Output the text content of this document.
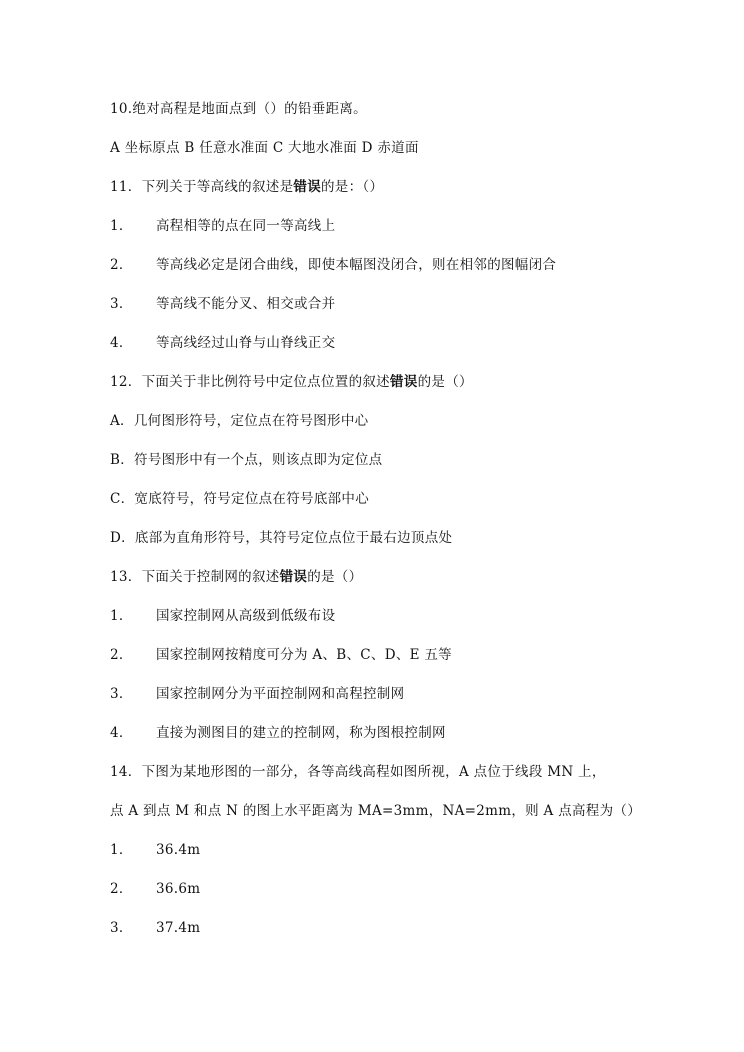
10.绝对高程是地面点到（）的铅垂距离。
A 坐标原点 B 任意水准面 C 大地水准面 D 赤道面
11．下列关于等高线的叙述是错误的是：（）
1． 高程相等的点在同一等高线上
2． 等高线必定是闭合曲线，即使本幅图没闭合，则在相邻的图幅闭合
3． 等高线不能分叉、相交或合并
4． 等高线经过山脊与山脊线正交
12．下面关于非比例符号中定位点位置的叙述错误的是（）
A．几何图形符号，定位点在符号图形中心
B．符号图形中有一个点，则该点即为定位点
C．宽底符号，符号定位点在符号底部中心
D．底部为直角形符号，其符号定位点位于最右边顶点处
13．下面关于控制网的叙述错误的是（）
1． 国家控制网从高级到低级布设
2． 国家控制网按精度可分为 A、B、C、D、E 五等
3． 国家控制网分为平面控制网和高程控制网
4． 直接为测图目的建立的控制网，称为图根控制网
14．下图为某地形图的一部分，各等高线高程如图所视，A 点位于线段 MN 上，
点 A 到点 M 和点 N 的图上水平距离为 MA=3mm，NA=2mm，则 A 点高程为（）
1． 36.4m
2． 36.6m
3． 37.4m
